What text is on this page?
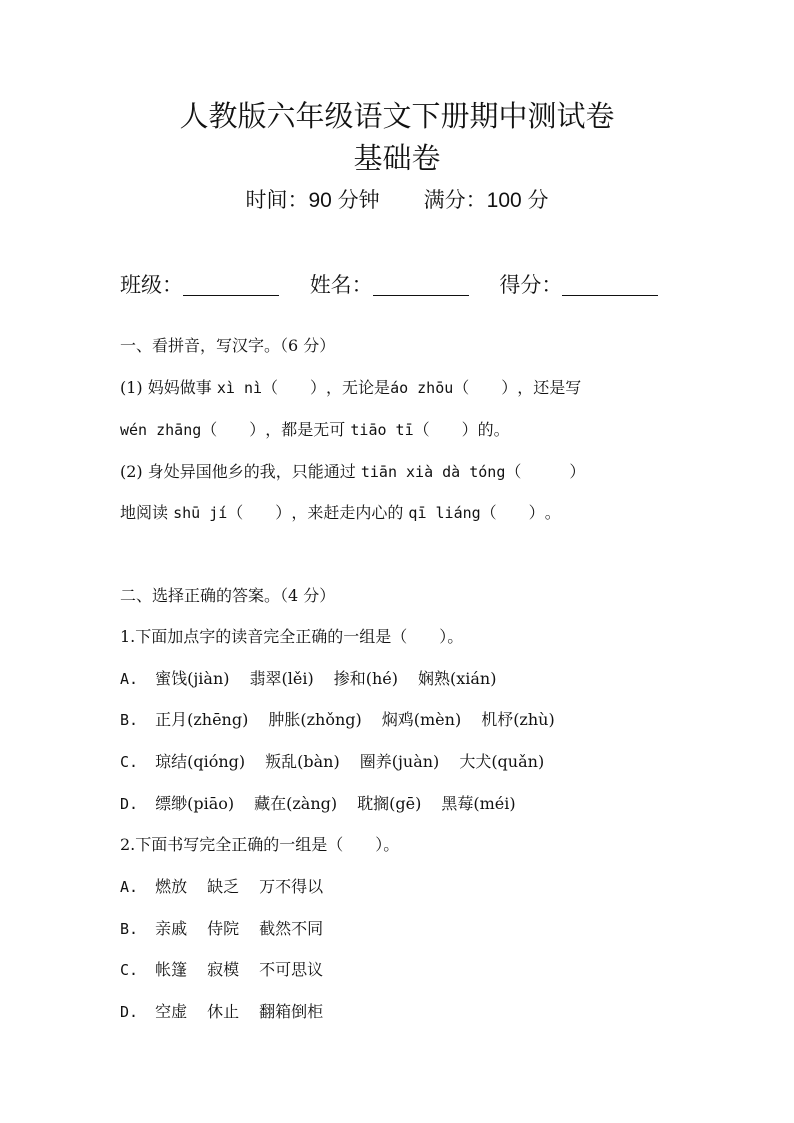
人教版六年级语文下册期中测试卷
基础卷
时间：90 分钟 满分：100 分
班级：	姓名：	得分：
一、看拼音，写汉字。（6 分）
(1) 妈妈做事 xì nì（　　），无论是áo zhōu（　　），还是写
wén zhāng（　　），都是无可 tiāo tī（　　）的。
(2) 身处异国他乡的我，只能通过 tiān xià dà tóng（　　　）
地阅读 shū jí（　　），来赶走内心的 qī liáng（　　）。
二、选择正确的答案。（4 分）
1.下面加点字的读音完全正确的一组是（　　）。
A. 蜜饯(jiàn) 翡翠(lěi) 掺和(hé) 娴熟(xián)
B. 正月(zhēng) 肿胀(zhǒng) 焖鸡(mèn) 机杼(zhù)
C. 琼结(qióng) 叛乱(bàn) 圈养(juàn) 大犬(quǎn)
D. 缥缈(piāo) 藏在(zàng) 耽搁(gē) 黑莓(méi)
2.下面书写完全正确的一组是（　　）。
A. 燃放 缺乏 万不得以
B. 亲戚 侍院 截然不同
C. 帐篷 寂模 不可思议
D. 空虚 休止 翻箱倒柜
